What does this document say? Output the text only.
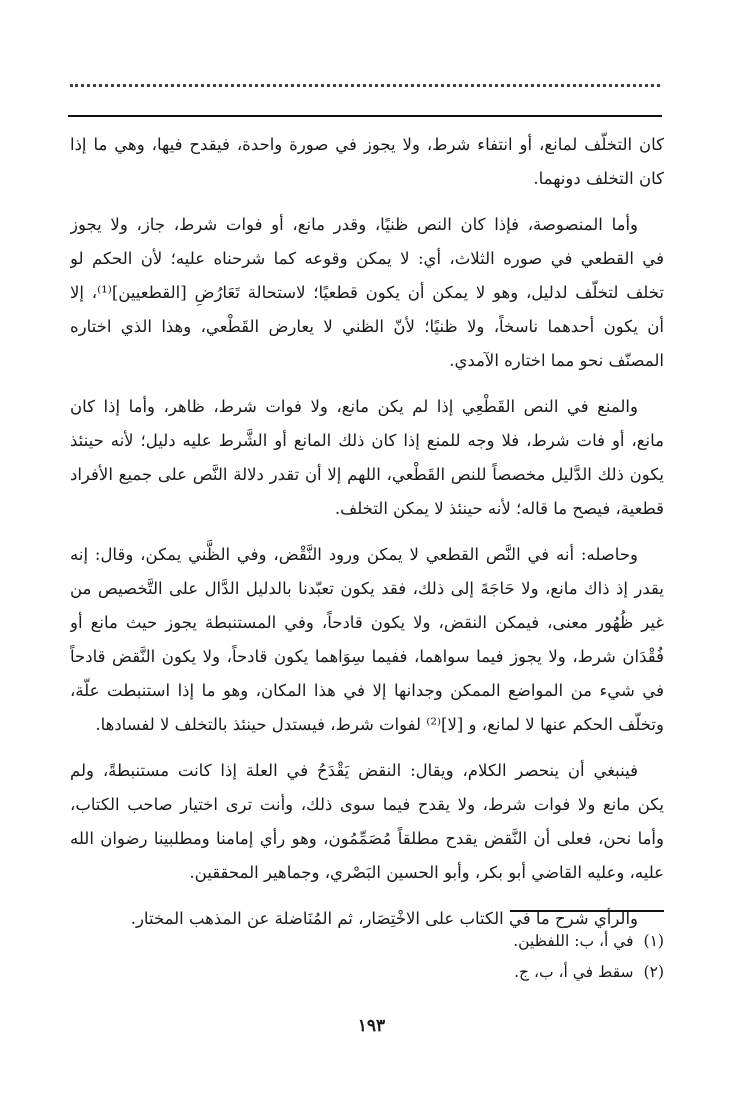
كان التخلّف لمانع، أو انتفاء شرط، ولا يجوز في صورة واحدة، فيقدح فيها، وهي ما إذا
كان التخلف دونهما.
وأما المنصوصة، فإذا كان النص ظنيًا، وقدر مانع، أو فوات شرط، جاز، ولا يجوز
في القطعي في صوره الثلاث، أي: لا يمكن وقوعه كما شرحناه عليه؛ لأن الحكم لو
تخلف لتخلّف لدليل، وهو لا يمكن أن يكون قطعيًا؛ لاستحالة تَعَارُضِ [القطعيين]⁽¹⁾، إلا
أن يكون أحدهما ناسخاً، ولا ظنيًا؛ لأنّ الظني لا يعارض القَطْعي، وهذا الذي اختاره
المصنّف نحو مما اختاره الآمدي.
والمنع في النص القَطْعِي إذا لم يكن مانع، ولا فوات شرط، ظاهر، وأما إذا كان
مانع، أو فات شرط، فلا وجه للمنع إذا كان ذلك المانع أو الشَّرط عليه دليل؛ لأنه حينئذ
يكون ذلك الدَّليل مخصصاً للنص القَطْعي، اللهم إلا أن تقدر دلالة النَّص على جميع الأفراد
قطعية، فيصح ما قاله؛ لأنه حينئذ لا يمكن التخلف.
وحاصله: أنه في النَّص القطعي لا يمكن ورود النَّقْض، وفي الظَّني يمكن، وقال: إنه
يقدر إذ ذاك مانع، ولا حَاجَةَ إلى ذلك، فقد يكون تعبّدنا بالدليل الدَّال على التَّخصيص من
غير ظُهُور معنى، فيمكن النقض، ولا يكون قادحاً، وفي المستنبطة يجوز حيث مانع أو
فُقْدَان شرط، ولا يجوز فيما سواهما، ففيما سِوَاهما يكون قادحاً، ولا يكون النَّقض قادحاً
في شيء من المواضع الممكن وجدانها إلا في هذا المكان، وهو ما إذا استنبطت علّة،
وتخلّف الحكم عنها لا لمانع، و [لا]⁽²⁾ لفوات شرط، فيستدل حينئذ بالتخلف لا لفسادها.
فينبغي أن ينحصر الكلام، ويقال: النقض يَقْدَحُ في العلة إذا كانت مستنبطةً، ولم
يكن مانع ولا فوات شرط، ولا يقدح فيما سوى ذلك، وأنت ترى اختيار صاحب الكتاب،
وأما نحن، فعلى أن النَّقض يقدح مطلقاً مُصَمِّمُون، وهو رأي إمامنا ومطلبينا رضوان الله
عليه، وعليه القاضي أبو بكر، وأبو الحسين البَصْري، وجماهير المحققين.
والرأي شرح ما في الكتاب على الاخْتِصَار، ثم المُنَاضلة عن المذهب المختار.
(١)في أ، ب: اللفظين.
(٢)سقط في أ، ب، ج.
١٩٣
